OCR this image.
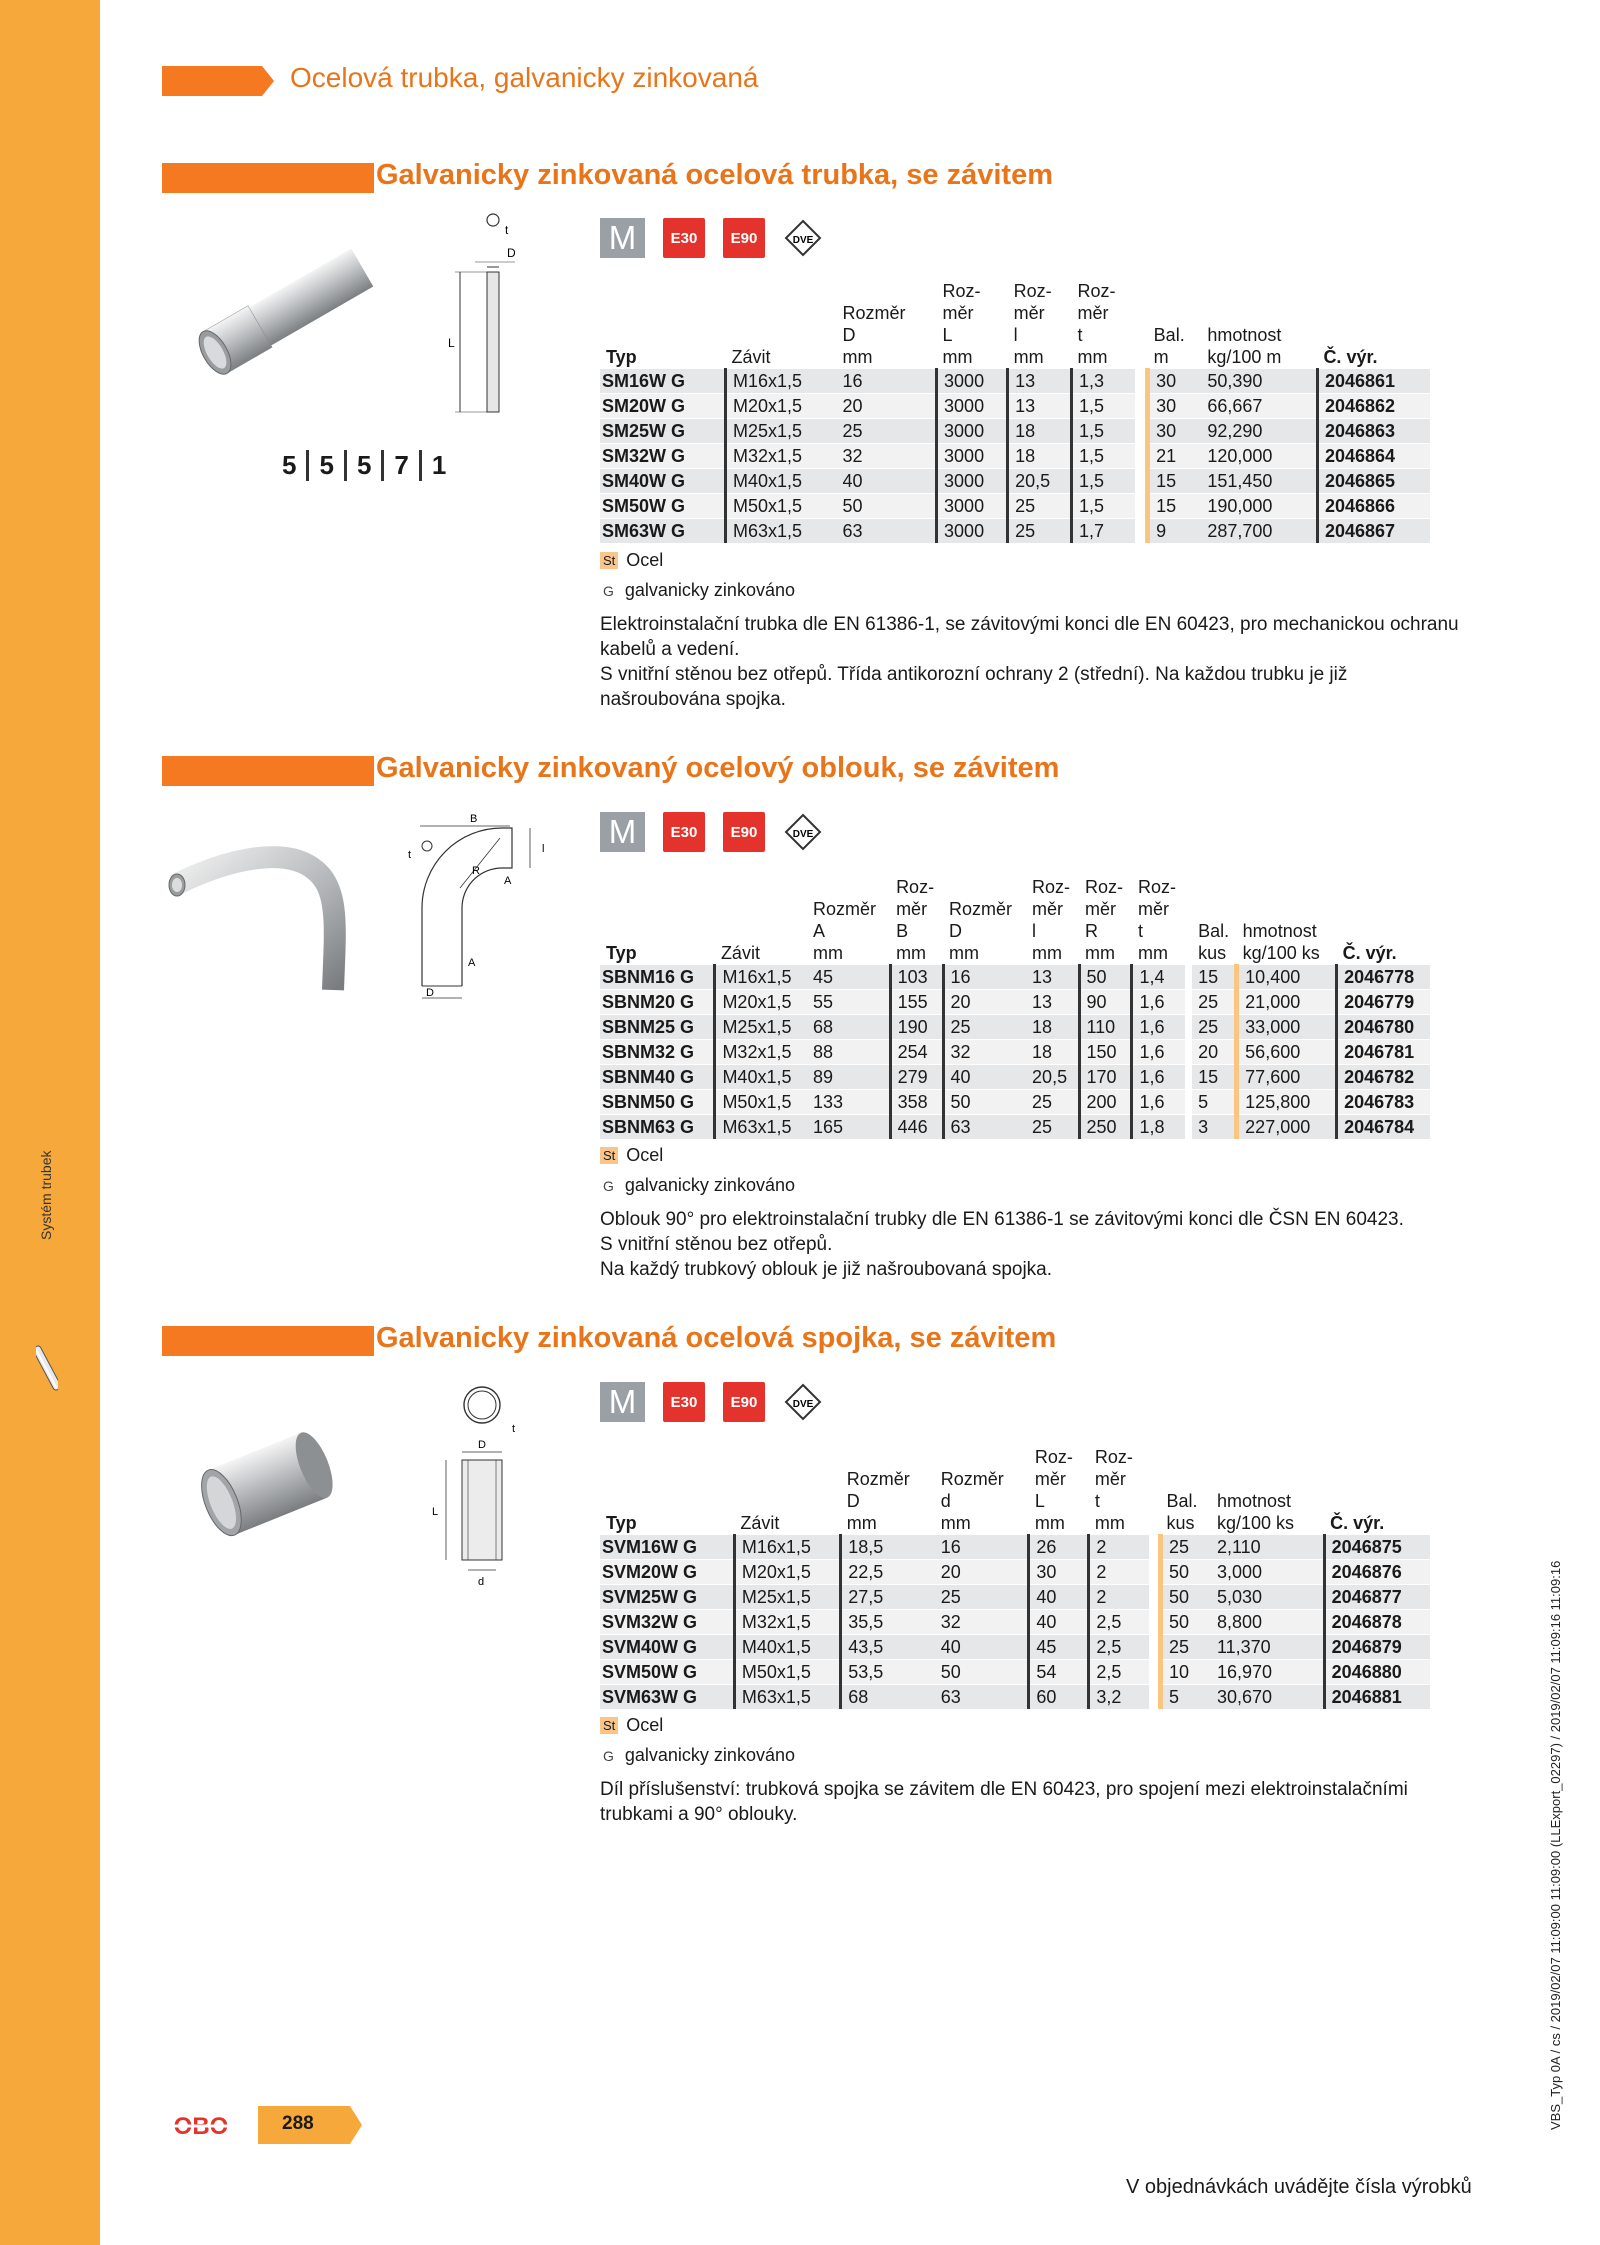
Systém trubek
VBS_Typ 0A / cs / 2019/02/07 11:09:00 11:09:00 (LLExport_02297) / 2019/02/07 11:09:16 11:09:16
Ocelová trubka, galvanicky zinkovaná
Galvanicky zinkovaná ocelová trubka, se závitem
t
D
L
5 5 5 7 1
M	E30	E90	DVE
			Roz-	Roz-	Roz-				
		Rozměr	měr	měr	měr				
		D	L	l	t		Bal.	hmotnost	
Typ	Závit	mm	mm	mm	mm		m	kg/100 m	Č. výr.
SM16W G	M16x1,5	16	3000	13	1,3		30	50,390	2046861
SM20W G	M20x1,5	20	3000	13	1,5		30	66,667	2046862
SM25W G	M25x1,5	25	3000	18	1,5		30	92,290	2046863
SM32W G	M32x1,5	32	3000	18	1,5		21	120,000	2046864
SM40W G	M40x1,5	40	3000	20,5	1,5		15	151,450	2046865
SM50W G	M50x1,5	50	3000	25	1,5		15	190,000	2046866
SM63W G	M63x1,5	63	3000	25	1,7		9	287,700	2046867
St Ocel
G galvanicky zinkováno
Elektroinstalační trubka dle EN 61386-1, se závitovými konci dle EN 60423, pro mechanickou ochranu kabelů a vedení.
S vnitřní stěnou bez otřepů. Třída antikorozní ochrany 2 (střední). Na každou trubku je již našroubována spojka.
Galvanicky zinkovaný ocelový oblouk, se závitem
B
t	l
R
A
A
D
M	E30	E90	DVE
			Roz-		Roz-	Roz-	Roz-				
		Rozměr	měr	Rozměr	měr	měr	měr				
		A	B	D	l	R	t		Bal.	hmotnost	
Typ	Závit	mm	mm	mm	mm	mm	mm		kus	kg/100 ks	Č. výr.
SBNM16 G	M16x1,5	45	103	16	13	50	1,4		15	10,400	2046778
SBNM20 G	M20x1,5	55	155	20	13	90	1,6		25	21,000	2046779
SBNM25 G	M25x1,5	68	190	25	18	110	1,6		25	33,000	2046780
SBNM32 G	M32x1,5	88	254	32	18	150	1,6		20	56,600	2046781
SBNM40 G	M40x1,5	89	279	40	20,5	170	1,6		15	77,600	2046782
SBNM50 G	M50x1,5	133	358	50	25	200	1,6		5	125,800	2046783
SBNM63 G	M63x1,5	165	446	63	25	250	1,8		3	227,000	2046784
St Ocel
G galvanicky zinkováno
Oblouk 90° pro elektroinstalační trubky dle EN 61386-1 se závitovými konci dle ČSN EN 60423.
S vnitřní stěnou bez otřepů.
Na každý trubkový oblouk je již našroubovaná spojka.
Galvanicky zinkovaná ocelová spojka, se závitem
t
D
L
d
M	E30	E90	DVE
				Roz-	Roz-				
		Rozměr	Rozměr	měr	měr				
		D	d	L	t		Bal.	hmotnost	
Typ	Závit	mm	mm	mm	mm		kus	kg/100 ks	Č. výr.
SVM16W G	M16x1,5	18,5	16	26	2		25	2,110	2046875
SVM20W G	M20x1,5	22,5	20	30	2		50	3,000	2046876
SVM25W G	M25x1,5	27,5	25	40	2		50	5,030	2046877
SVM32W G	M32x1,5	35,5	32	40	2,5		50	8,800	2046878
SVM40W G	M40x1,5	43,5	40	45	2,5		25	11,370	2046879
SVM50W G	M50x1,5	53,5	50	54	2,5		10	16,970	2046880
SVM63W G	M63x1,5	68	63	60	3,2		5	30,670	2046881
St Ocel
G galvanicky zinkováno
Díl příslušenství: trubková spojka se závitem dle EN 60423, pro spojení mezi elektroinstalačními trubkami a 90° oblouky.
OBO	288
V objednávkách uvádějte čísla výrobků
